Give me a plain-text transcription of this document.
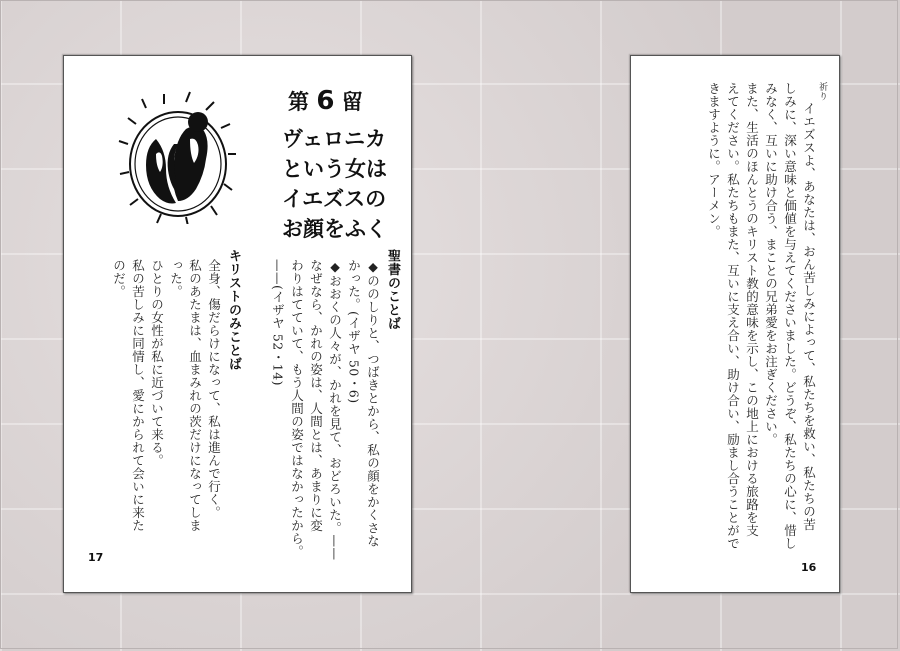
第 6 留
ヴェロニカ
という女は
イエズスの
お顔をふく
聖書のことば
◆ののしりと、つばきとから、私の顔をかくさな
かった。(イザヤ 50・6)
◆おおくの人々が、かれを見て、おどろいた。——
なぜなら、かれの姿は、人間とは、あまりに変
わりはてていて、もう人間の姿ではなかったから。
——(イザヤ 52・14)
キリストのみことば
全身、傷だらけになって、私は進んで行く。
私のあたまは、血まみれの茨だけになってしま
った。
ひとりの女性が私に近づいて来る。
私の苦しみに同情し、愛にかられて会いに来た
のだ。
17
祈り
イエズスよ、あなたは、おん苦しみによって、私たちを救い、私たちの苦
しみに、深い意味と価値を与えてくださいました。どうぞ、私たちの心に、惜し
みなく、互いに助け合う、まことの兄弟愛をお注ぎください。
また、生活のほんとうのキリスト教的意味を示し、この地上における旅路を支
えてください。私たちもまた、互いに支え合い、助け合い、励まし合うことがで
きますように。アーメン。
16
